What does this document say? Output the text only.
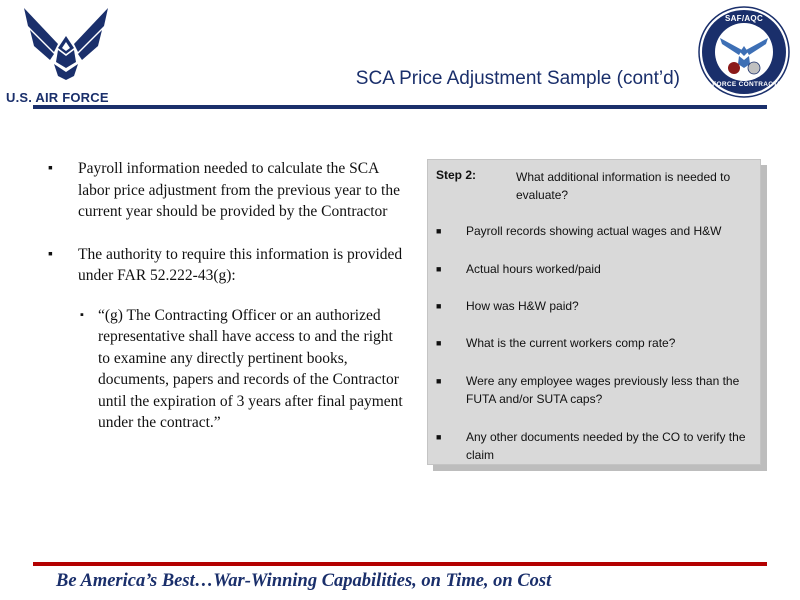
U.S. AIR FORCE
SAF/AQC
AIR FORCE CONTRACTING
SCA Price Adjustment Sample (cont’d)
▪ Payroll information needed to calculate the SCA labor price adjustment from the previous year to the current year should be provided by the Contractor
▪ The authority to require this information is provided under FAR 52.222-43(g):
▪ “(g) The Contracting Officer or an authorized representative shall have access to and the right to examine any directly pertinent books, documents, papers and records of the Contractor until the expiration of 3 years after final payment under the contract.”
Step 2:	What additional information is needed to evaluate?
■ Payroll records showing actual wages and H&W
■ Actual hours worked/paid
■ How was H&W paid?
■ What is the current workers comp rate?
■ Were any employee wages previously less than the FUTA and/or SUTA caps?
■ Any other documents needed by the CO to verify the claim
Be America’s Best…War-Winning Capabilities, on Time, on Cost
